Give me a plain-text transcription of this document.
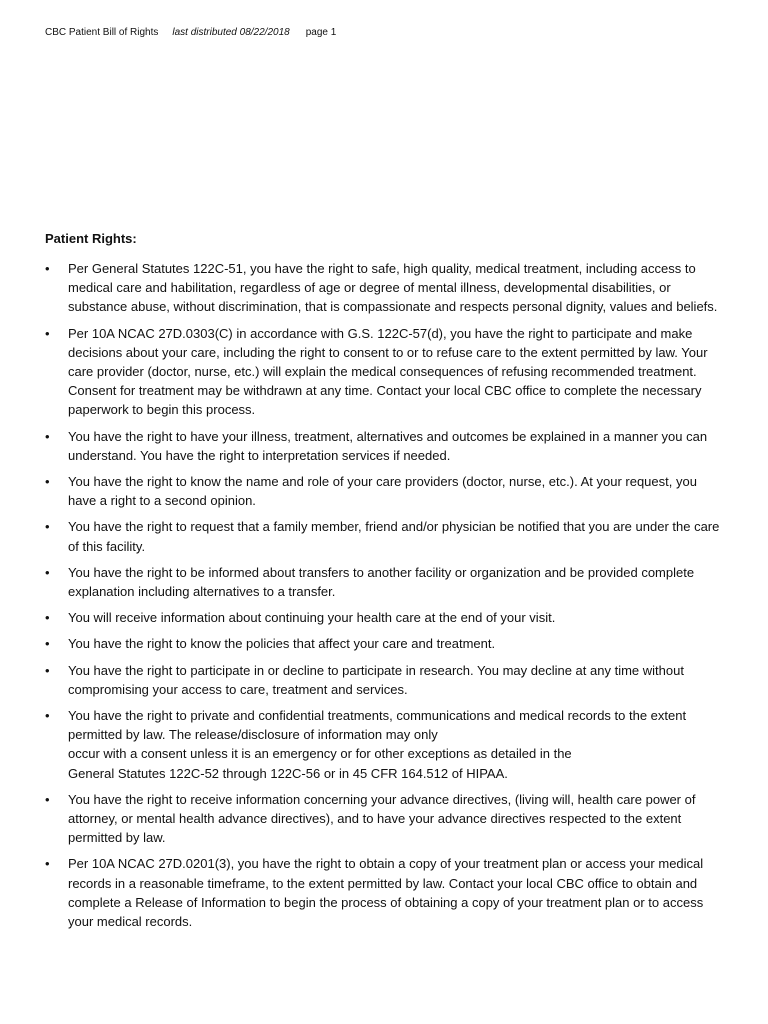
CBC Patient Bill of Rights last distributed 08/22/2018 page 1
Patient Rights:
• Per General Statutes 122C-51, you have the right to safe, high quality, medical treatment, including access to medical care and habilitation, regardless of age or degree of mental illness, developmental disabilities, or substance abuse, without discrimination, that is compassionate and respects personal dignity, values and beliefs.
• Per 10A NCAC 27D.0303(C) in accordance with G.S. 122C-57(d), you have the right to participate and make decisions about your care, including the right to consent to or to refuse care to the extent permitted by law. Your care provider (doctor, nurse, etc.) will explain the medical consequences of refusing recommended treatment. Consent for treatment may be withdrawn at any time. Contact your local CBC office to complete the necessary paperwork to begin this process.
• You have the right to have your illness, treatment, alternatives and outcomes be explained in a manner you can understand. You have the right to interpretation services if needed.
• You have the right to know the name and role of your care providers (doctor, nurse, etc.). At your request, you have a right to a second opinion.
• You have the right to request that a family member, friend and/or physician be notified that you are under the care of this facility.
• You have the right to be informed about transfers to another facility or organization and be provided complete explanation including alternatives to a transfer.
• You will receive information about continuing your health care at the end of your visit.
• You have the right to know the policies that affect your care and treatment.
• You have the right to participate in or decline to participate in research. You may decline at any time without compromising your access to care, treatment and services.
• You have the right to private and confidential treatments, communications and medical records to the extent permitted by law. The release/disclosure of information may only
occur with a consent unless it is an emergency or for other exceptions as detailed in the
General Statutes 122C-52 through 122C-56 or in 45 CFR 164.512 of HIPAA.
• You have the right to receive information concerning your advance directives, (living will, health care power of attorney, or mental health advance directives), and to have your advance directives respected to the extent permitted by law.
• Per 10A NCAC 27D.0201(3), you have the right to obtain a copy of your treatment plan or access your medical records in a reasonable timeframe, to the extent permitted by law. Contact your local CBC office to obtain and complete a Release of Information to begin the process of obtaining a copy of your treatment plan or to access your medical records.
